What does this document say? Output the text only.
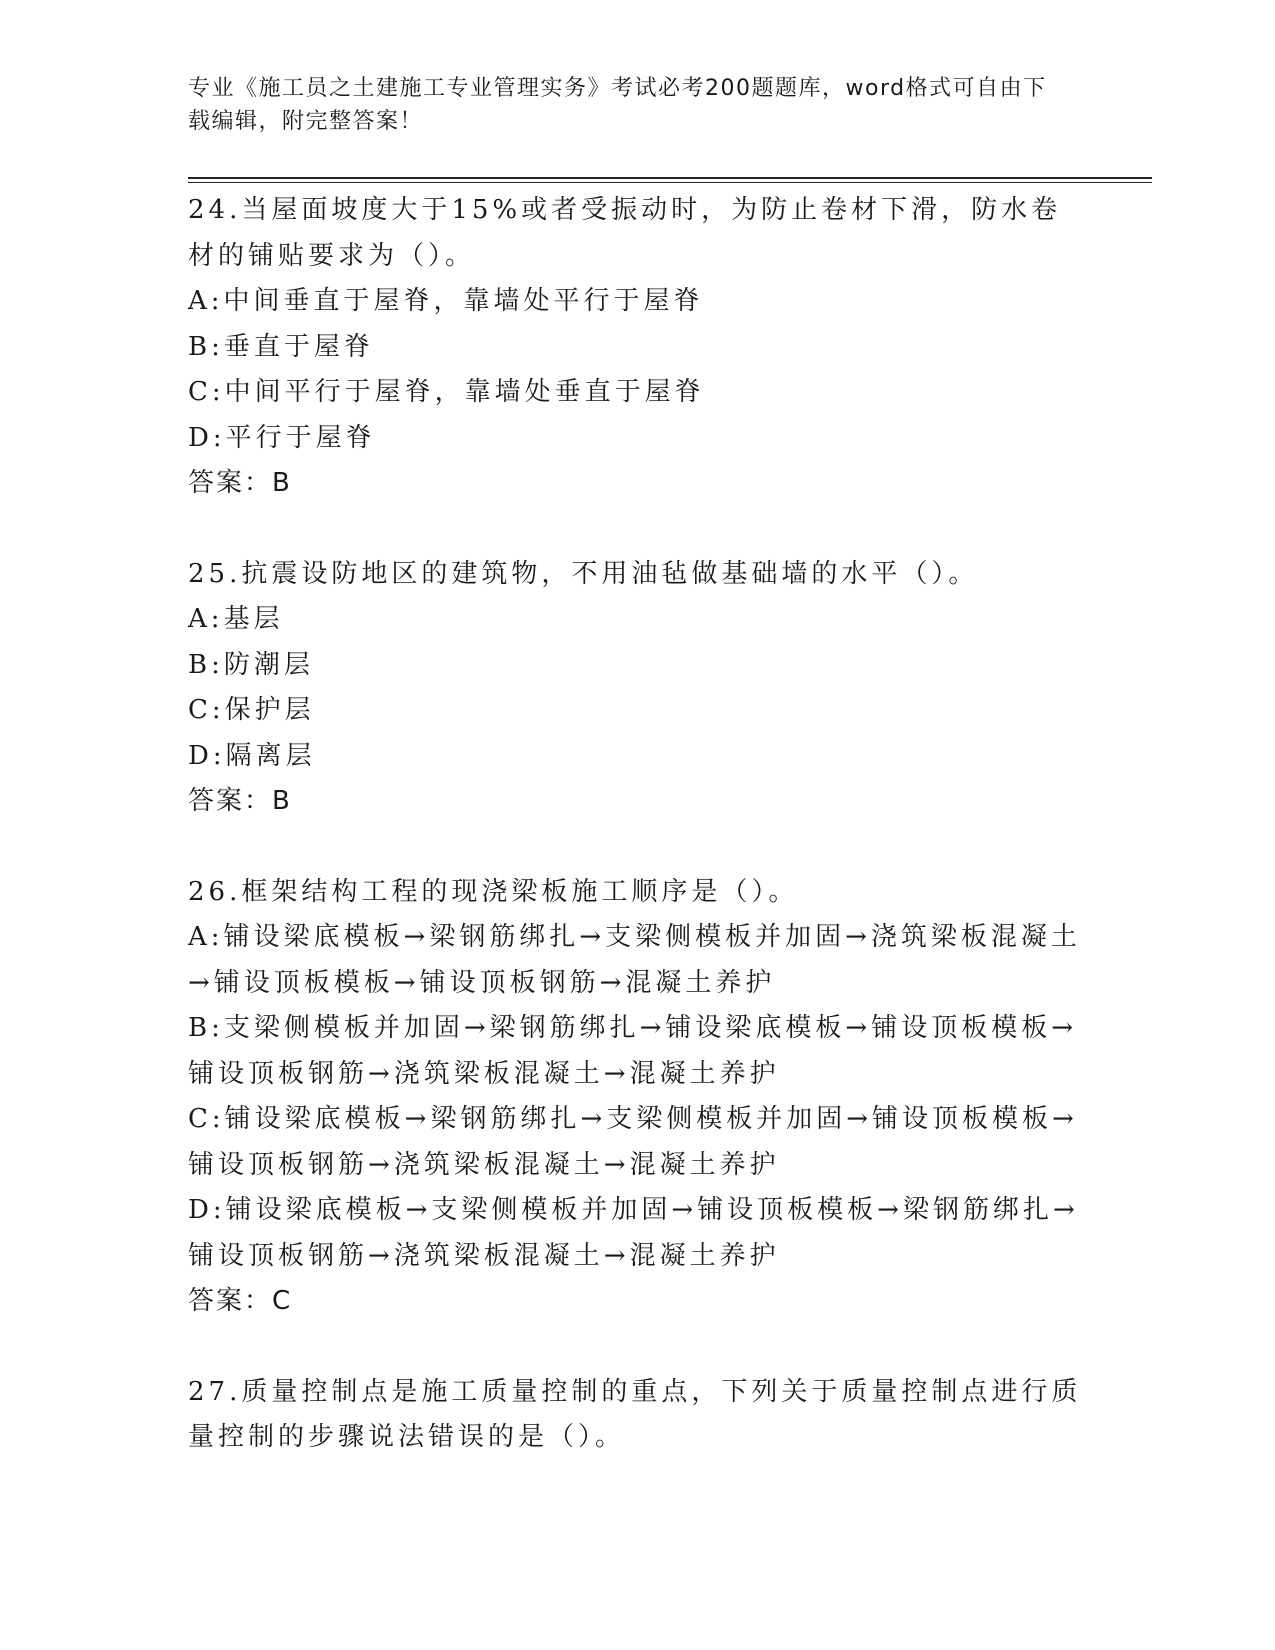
专业《施工员之土建施工专业管理实务》考试必考200题题库，word格式可自由下载编辑，附完整答案！

24.当屋面坡度大于15%或者受振动时，为防止卷材下滑，防水卷材的铺贴要求为（）。

A:中间垂直于屋脊，靠墙处平行于屋脊

B:垂直于屋脊

C:中间平行于屋脊，靠墙处垂直于屋脊

D:平行于屋脊

答案：B

25.抗震设防地区的建筑物，不用油毡做基础墙的水平（）。

A:基层

B:防潮层

C:保护层

D:隔离层

答案：B

26.框架结构工程的现浇梁板施工顺序是（）。

A:铺设梁底模板→梁钢筋绑扎→支梁侧模板并加固→浇筑梁板混凝土→铺设顶板模板→铺设顶板钢筋→混凝土养护

B:支梁侧模板并加固→梁钢筋绑扎→铺设梁底模板→铺设顶板模板→铺设顶板钢筋→浇筑梁板混凝土→混凝土养护

C:铺设梁底模板→梁钢筋绑扎→支梁侧模板并加固→铺设顶板模板→铺设顶板钢筋→浇筑梁板混凝土→混凝土养护

D:铺设梁底模板→支梁侧模板并加固→铺设顶板模板→梁钢筋绑扎→铺设顶板钢筋→浇筑梁板混凝土→混凝土养护

答案：C

27.质量控制点是施工质量控制的重点，下列关于质量控制点进行质量控制的步骤说法错误的是（）。
